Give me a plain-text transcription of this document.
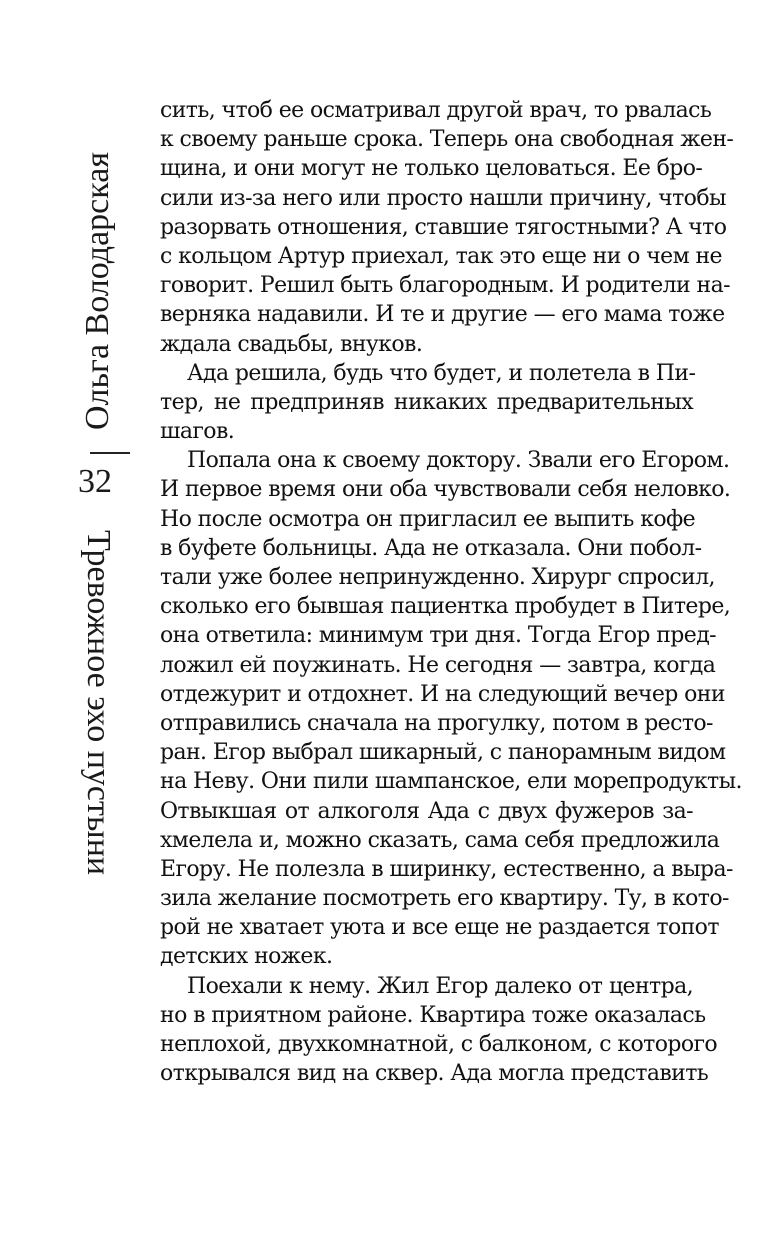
Ольга Володарская
32
Тревожное эхо пустыни
сить, чтоб ее осматривал другой врач, то рвалась
к своему раньше срока. Теперь она свободная жен-
щина, и они могут не только целоваться. Ее бро-
сили из-за него или просто нашли причину, чтобы
разорвать отношения, ставшие тягостными? А что
с кольцом Артур приехал, так это еще ни о чем не
говорит. Решил быть благородным. И родители на-
верняка надавили. И те и другие — его мама тоже
ждала свадьбы, внуков.
Ада решила, будь что будет, и полетела в Пи-
тер, не предприняв никаких предварительных
шагов.
Попала она к своему доктору. Звали его Егором.
И первое время они оба чувствовали себя неловко.
Но после осмотра он пригласил ее выпить кофе
в буфете больницы. Ада не отказала. Они побол-
тали уже более непринужденно. Хирург спросил,
сколько его бывшая пациентка пробудет в Питере,
она ответила: минимум три дня. Тогда Егор пред-
ложил ей поужинать. Не сегодня — завтра, когда
отдежурит и отдохнет. И на следующий вечер они
отправились сначала на прогулку, потом в ресто-
ран. Егор выбрал шикарный, с панорамным видом
на Неву. Они пили шампанское, ели морепродукты.
Отвыкшая от алкоголя Ада с двух фужеров за-
хмелела и, можно сказать, сама себя предложила
Егору. Не полезла в ширинку, естественно, а выра-
зила желание посмотреть его квартиру. Ту, в кото-
рой не хватает уюта и все еще не раздается топот
детских ножек.
Поехали к нему. Жил Егор далеко от центра,
но в приятном районе. Квартира тоже оказалась
неплохой, двухкомнатной, с балконом, с которого
открывался вид на сквер. Ада могла представить
